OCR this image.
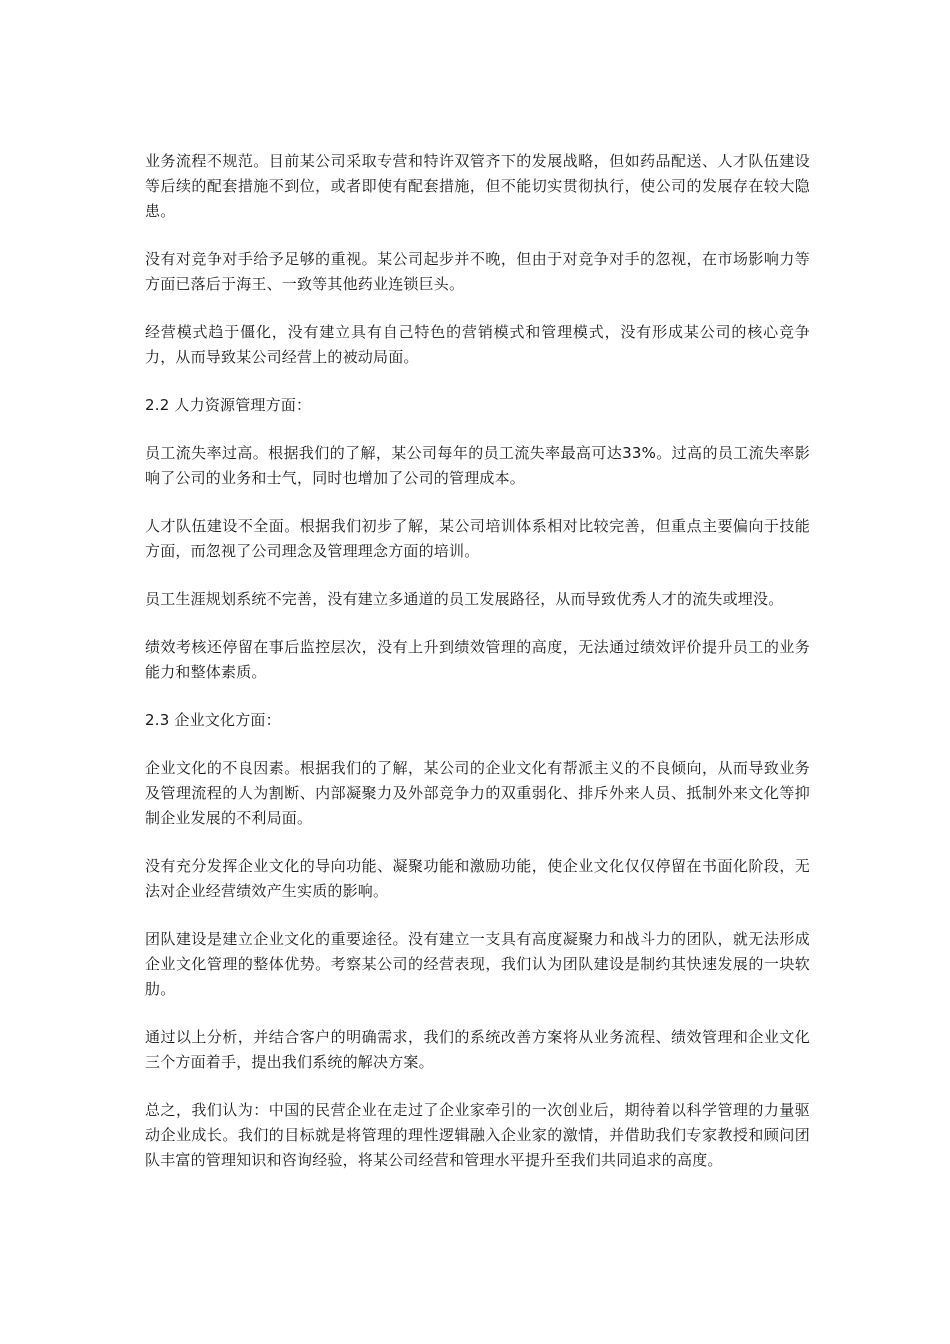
业务流程不规范。目前某公司采取专营和特许双管齐下的发展战略，但如药品配送、人才队伍建设等后续的配套措施不到位，或者即使有配套措施，但不能切实贯彻执行，使公司的发展存在较大隐患。

没有对竞争对手给予足够的重视。某公司起步并不晚，但由于对竞争对手的忽视，在市场影响力等方面已落后于海王、一致等其他药业连锁巨头。

经营模式趋于僵化，没有建立具有自己特色的营销模式和管理模式，没有形成某公司的核心竞争力，从而导致某公司经营上的被动局面。

2.2 人力资源管理方面：

员工流失率过高。根据我们的了解，某公司每年的员工流失率最高可达33%。过高的员工流失率影响了公司的业务和士气，同时也增加了公司的管理成本。

人才队伍建设不全面。根据我们初步了解，某公司培训体系相对比较完善，但重点主要偏向于技能方面，而忽视了公司理念及管理理念方面的培训。

员工生涯规划系统不完善，没有建立多通道的员工发展路径，从而导致优秀人才的流失或埋没。

绩效考核还停留在事后监控层次，没有上升到绩效管理的高度，无法通过绩效评价提升员工的业务能力和整体素质。

2.3 企业文化方面：

企业文化的不良因素。根据我们的了解，某公司的企业文化有帮派主义的不良倾向，从而导致业务及管理流程的人为割断、内部凝聚力及外部竞争力的双重弱化、排斥外来人员、抵制外来文化等抑制企业发展的不利局面。

没有充分发挥企业文化的导向功能、凝聚功能和激励功能，使企业文化仅仅停留在书面化阶段，无法对企业经营绩效产生实质的影响。

团队建设是建立企业文化的重要途径。没有建立一支具有高度凝聚力和战斗力的团队，就无法形成企业文化管理的整体优势。考察某公司的经营表现，我们认为团队建设是制约其快速发展的一块软肋。

通过以上分析，并结合客户的明确需求，我们的系统改善方案将从业务流程、绩效管理和企业文化三个方面着手，提出我们系统的解决方案。

总之，我们认为：中国的民营企业在走过了企业家牵引的一次创业后，期待着以科学管理的力量驱动企业成长。我们的目标就是将管理的理性逻辑融入企业家的激情，并借助我们专家教授和顾问团队丰富的管理知识和咨询经验，将某公司经营和管理水平提升至我们共同追求的高度。
